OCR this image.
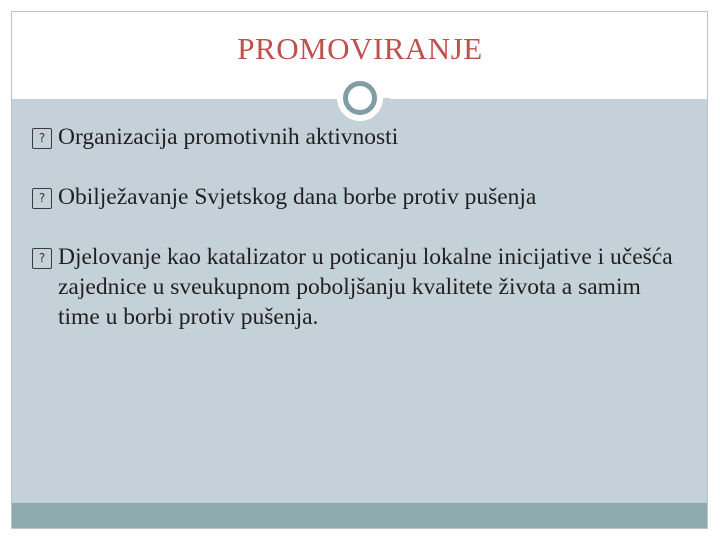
PROMOVIRANJE
? Organizacija promotivnih aktivnosti
? Obilježavanje Svjetskog dana borbe protiv pušenja
? Djelovanje kao katalizator u poticanju lokalne inicijative i učešća zajednice u sveukupnom poboljšanju kvalitete života a samim time u borbi protiv pušenja.
